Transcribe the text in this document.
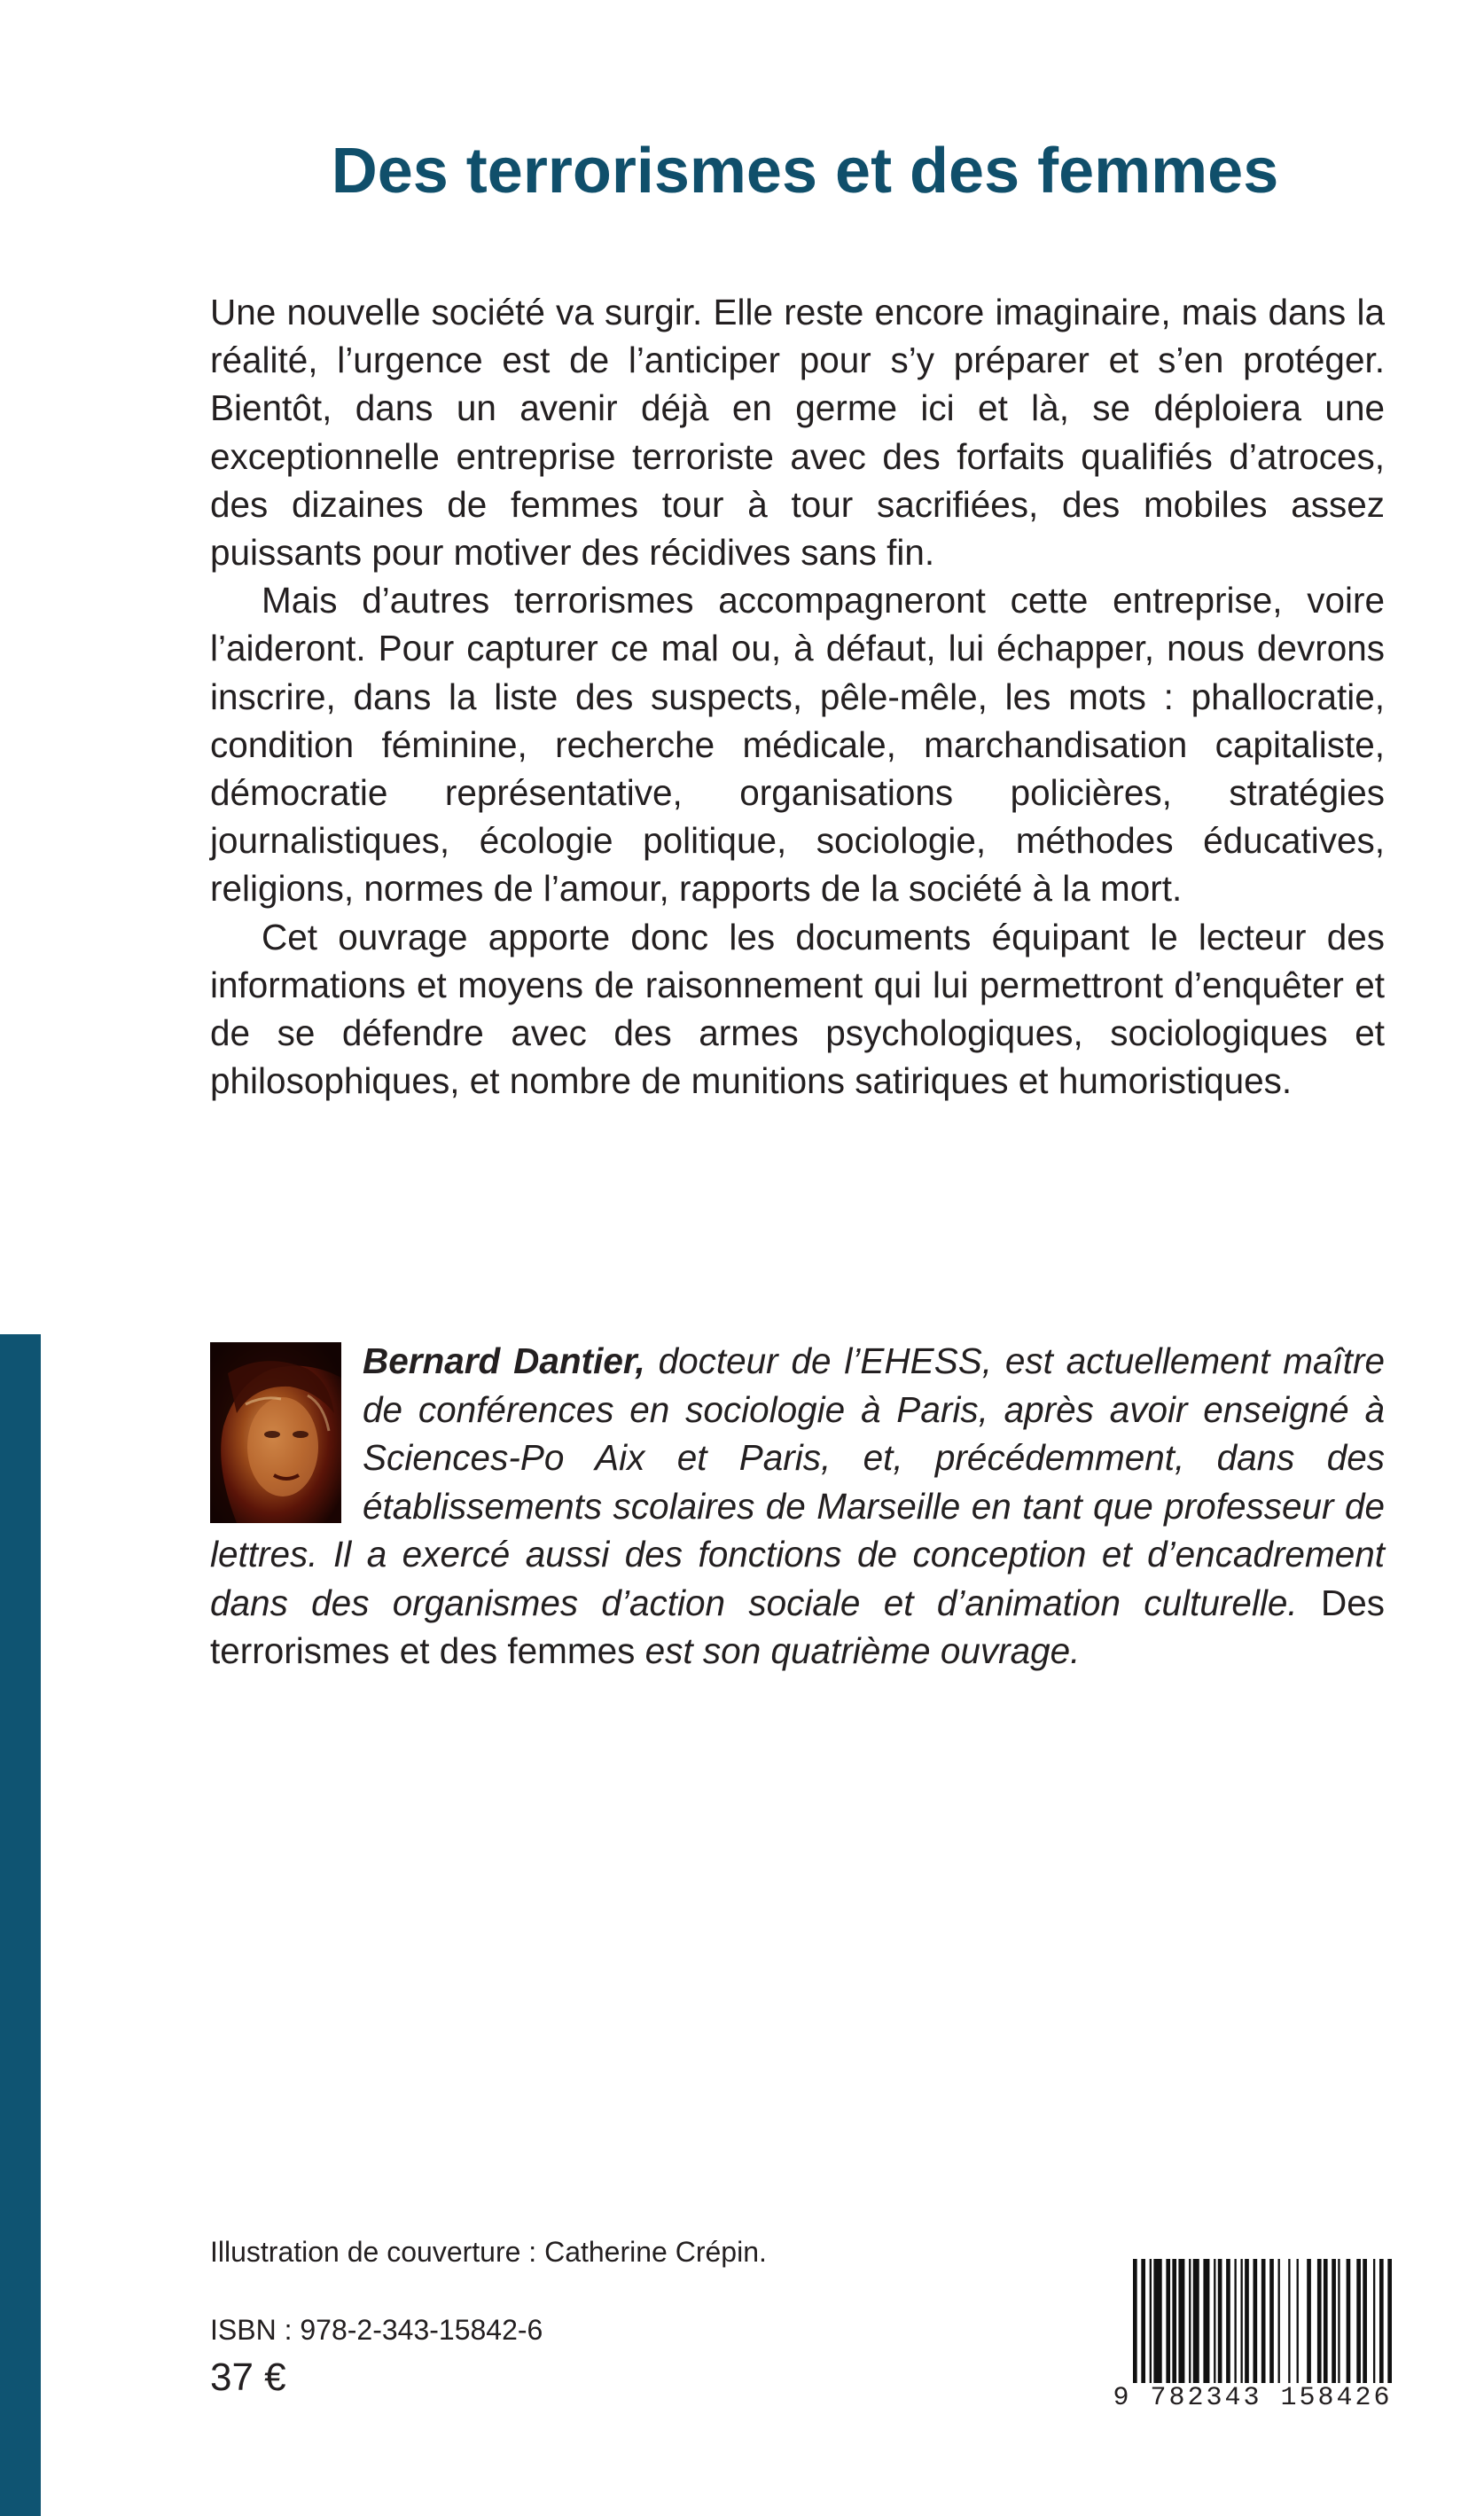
Des terrorismes et des femmes

Une nouvelle société va surgir. Elle reste encore imaginaire, mais dans la réalité, l’urgence est de l’anticiper pour s’y préparer et s’en protéger. Bientôt, dans un avenir déjà en germe ici et là, se déploiera une exceptionnelle entreprise terroriste avec des forfaits qualifiés d’atroces, des dizaines de femmes tour à tour sacrifiées, des mobiles assez puissants pour motiver des récidives sans fin.

Mais d’autres terrorismes accompagneront cette entreprise, voire l’aideront. Pour capturer ce mal ou, à défaut, lui échapper, nous devrons inscrire, dans la liste des suspects, pêle-mêle, les mots : phallocratie, condition féminine, recherche médicale, marchandisation capitaliste, démocratie représentative, organisations policières, stratégies journalistiques, écologie politique, sociologie, méthodes éducatives, religions, normes de l’amour, rapports de la société à la mort.

Cet ouvrage apporte donc les documents équipant le lecteur des informations et moyens de raisonnement qui lui permettront d’enquêter et de se défendre avec des armes psychologiques, sociologiques et philosophiques, et nombre de munitions satiriques et humoristiques.

Bernard Dantier, docteur de l’EHESS, est actuellement maître de conférences en sociologie à Paris, après avoir enseigné à Sciences-Po Aix et Paris, et, précédemment, dans des établissements scolaires de Marseille en tant que professeur de lettres. Il a exercé aussi des fonctions de conception et d’encadrement dans des organismes d’action sociale et d’animation culturelle. Des terrorismes et des femmes est son quatrième ouvrage.
Illustration de couverture : Catherine Crépin.
ISBN : 978-2-343-15842-6
37 €	9 782343 158426
